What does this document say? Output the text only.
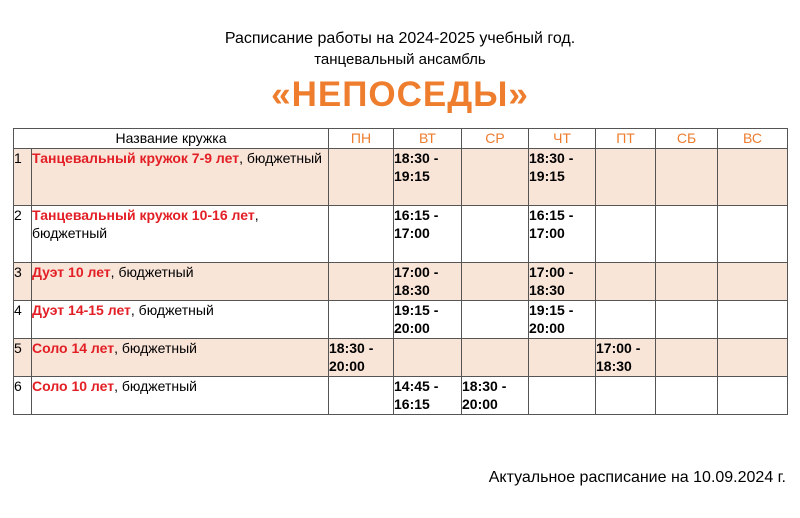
Расписание работы на 2024-2025 учебный год.
танцевальный ансамбль
«НЕПОСЕДЫ»
Название кружка		ПН	ВТ	СР	ЧТ	ПТ	СБ	ВС
1	Танцевальный кружок 7-9 лет, бюджетный		18:30 - 19:15		18:30 - 19:15			
2	Танцевальный кружок 10-16 лет, бюджетный		16:15 - 17:00		16:15 - 17:00			
3	Дуэт 10 лет, бюджетный		17:00 - 18:30		17:00 - 18:30			
4	Дуэт 14-15 лет, бюджетный		19:15 - 20:00		19:15 - 20:00			
5	Соло 14 лет, бюджетный	18:30 - 20:00				17:00 - 18:30		
6	Соло 10 лет, бюджетный		14:45 - 16:15	18:30 - 20:00				
Актуальное расписание на 10.09.2024 г.
